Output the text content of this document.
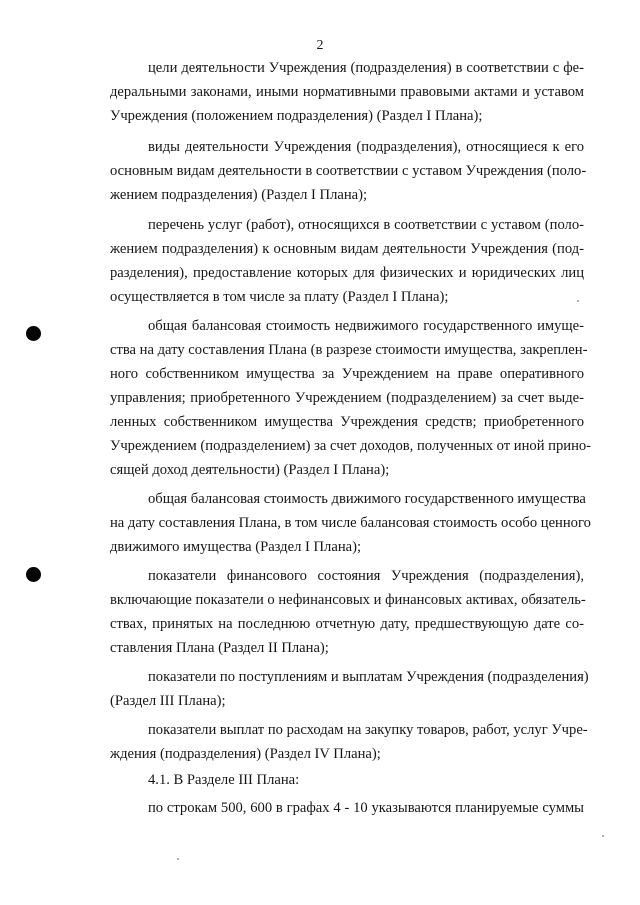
2
цели деятельности Учреждения (подразделения) в соответствии с фе-
деральными законами, иными нормативными правовыми актами и уставом
Учреждения (положением подразделения) (Раздел I Плана);
виды деятельности Учреждения (подразделения), относящиеся к его
основным видам деятельности в соответствии с уставом Учреждения (поло-
жением подразделения) (Раздел I Плана);
перечень услуг (работ), относящихся в соответствии с уставом (поло-
жением подразделения) к основным видам деятельности Учреждения (под-
разделения), предоставление которых для физических и юридических лиц
осуществляется в том числе за плату (Раздел I Плана);
общая балансовая стоимость недвижимого государственного имуще-
ства на дату составления Плана (в разрезе стоимости имущества, закреплен-
ного собственником имущества за Учреждением на праве оперативного
управления; приобретенного Учреждением (подразделением) за счет выде-
ленных собственником имущества Учреждения средств; приобретенного
Учреждением (подразделением) за счет доходов, полученных от иной прино-
сящей доход деятельности) (Раздел I Плана);
общая балансовая стоимость движимого государственного имущества
на дату составления Плана, в том числе балансовая стоимость особо ценного
движимого имущества (Раздел I Плана);
показатели финансового состояния Учреждения (подразделения),
включающие показатели о нефинансовых и финансовых активах, обязатель-
ствах, принятых на последнюю отчетную дату, предшествующую дате со-
ставления Плана (Раздел II Плана);
показатели по поступлениям и выплатам Учреждения (подразделения)
(Раздел III Плана);
показатели выплат по расходам на закупку товаров, работ, услуг Учре-
ждения (подразделения) (Раздел IV Плана);
4.1. В Разделе III Плана:
по строкам 500, 600 в графах 4 - 10 указываются планируемые суммы
